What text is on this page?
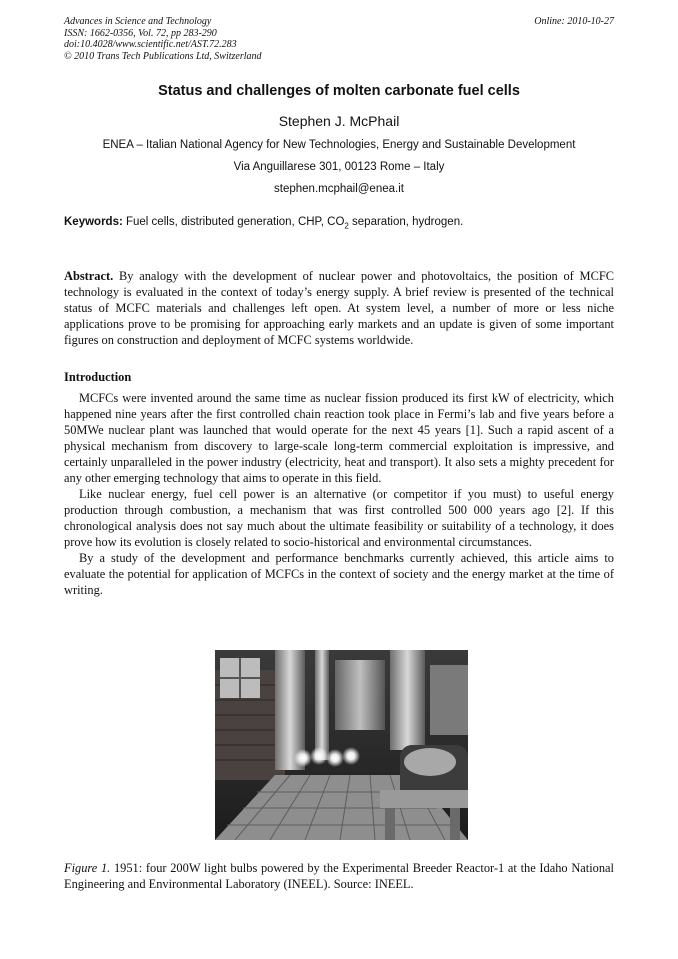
Advances in Science and Technology
ISSN: 1662-0356, Vol. 72, pp 283-290
doi:10.4028/www.scientific.net/AST.72.283
© 2010 Trans Tech Publications Ltd, Switzerland
Online: 2010-10-27
Status and challenges of molten carbonate fuel cells
Stephen J. McPhail
ENEA – Italian National Agency for New Technologies, Energy and Sustainable Development
Via Anguillarese 301, 00123 Rome – Italy
stephen.mcphail@enea.it
Keywords: Fuel cells, distributed generation, CHP, $CO_2$ separation, hydrogen.
Abstract. By analogy with the development of nuclear power and photovoltaics, the position of MCFC technology is evaluated in the context of today’s energy supply. A brief review is presented of the technical status of MCFC materials and challenges left open. At system level, a number of more or less niche applications prove to be promising for approaching early markets and an update is given of some important figures on construction and deployment of MCFC systems worldwide.
Introduction

MCFCs were invented around the same time as nuclear fission produced its first kW of electricity, which happened nine years after the first controlled chain reaction took place in Fermi’s lab and five years before a 50MWe nuclear plant was launched that would operate for the next 45 years [1]. Such a rapid ascent of a physical mechanism from discovery to large-scale long-term commercial exploitation is impressive, and certainly unparalleled in the power industry (electricity, heat and transport). It also sets a mighty precedent for any other emerging technology that aims to operate in this field.

Like nuclear energy, fuel cell power is an alternative (or competitor if you must) to useful energy production through combustion, a mechanism that was first controlled 500 000 years ago [2]. If this chronological analysis does not say much about the ultimate feasibility or suitability of a technology, it does prove how its evolution is closely related to socio-historical and environmental circumstances.

By a study of the development and performance benchmarks currently achieved, this article aims to evaluate the potential for application of MCFCs in the context of society and the energy market at the time of writing.

Figure 1. 1951: four 200W light bulbs powered by the Experimental Breeder Reactor-1 at the Idaho National Engineering and Environmental Laboratory (INEEL). Source: INEEL.
